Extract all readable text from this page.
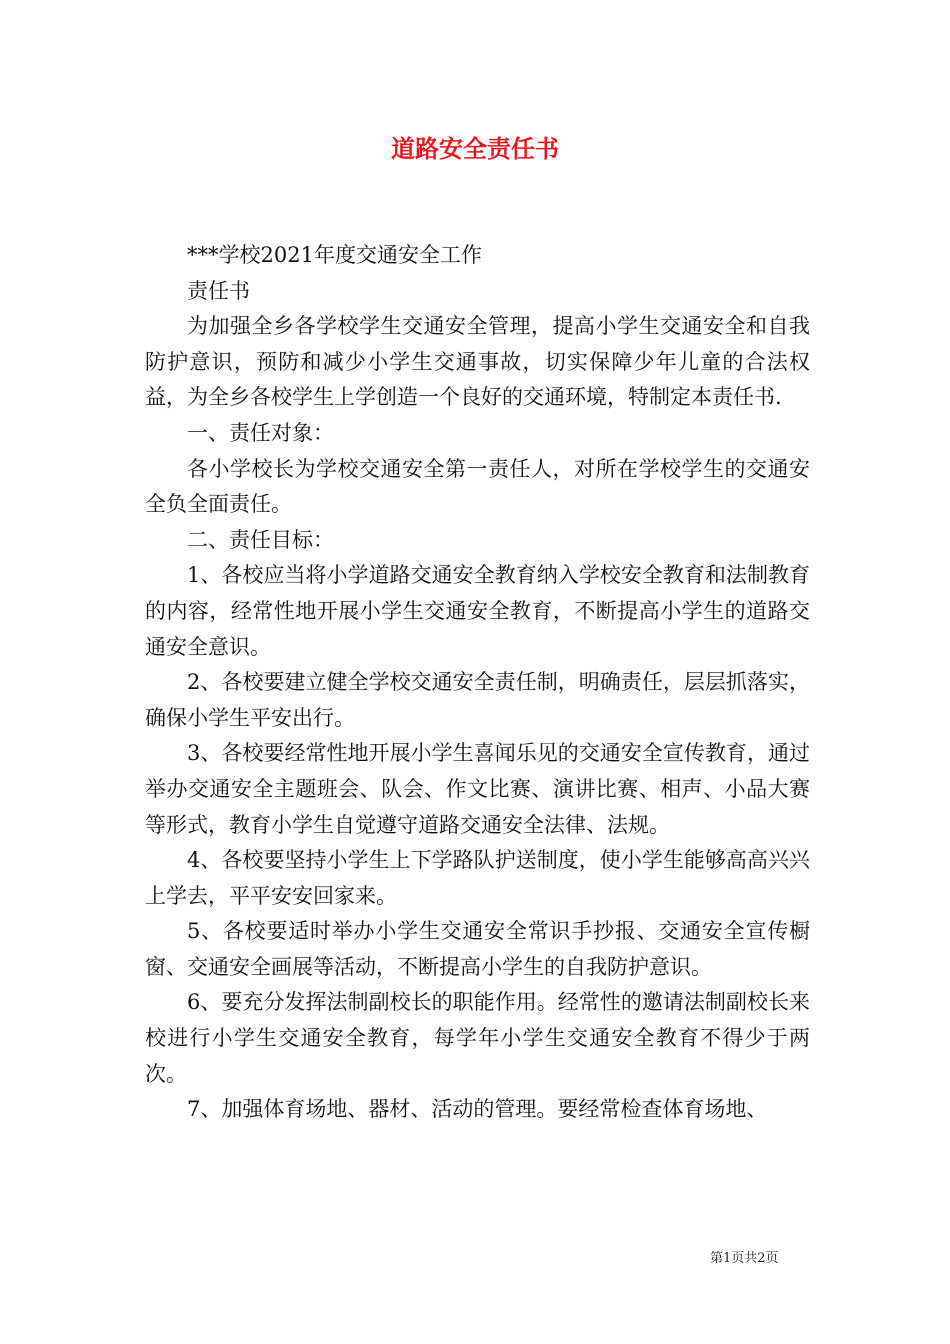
道路安全责任书

***学校2021年度交通安全工作

责任书

为加强全乡各学校学生交通安全管理，提高小学生交通安全和自我防护意识，预防和减少小学生交通事故，切实保障少年儿童的合法权益，为全乡各校学生上学创造一个良好的交通环境，特制定本责任书.

一、责任对象：

各小学校长为学校交通安全第一责任人，对所在学校学生的交通安全负全面责任。

二、责任目标：

1、各校应当将小学道路交通安全教育纳入学校安全教育和法制教育的内容，经常性地开展小学生交通安全教育，不断提高小学生的道路交通安全意识。

2、各校要建立健全学校交通安全责任制，明确责任，层层抓落实，确保小学生平安出行。

3、各校要经常性地开展小学生喜闻乐见的交通安全宣传教育，通过举办交通安全主题班会、队会、作文比赛、演讲比赛、相声、小品大赛等形式，教育小学生自觉遵守道路交通安全法律、法规。

4、各校要坚持小学生上下学路队护送制度，使小学生能够高高兴兴上学去，平平安安回家来。

5、各校要适时举办小学生交通安全常识手抄报、交通安全宣传橱窗、交通安全画展等活动，不断提高小学生的自我防护意识。

6、要充分发挥法制副校长的职能作用。经常性的邀请法制副校长来校进行小学生交通安全教育，每学年小学生交通安全教育不得少于两次。

7、加强体育场地、器材、活动的管理。要经常检查体育场地、

第1页共2页
